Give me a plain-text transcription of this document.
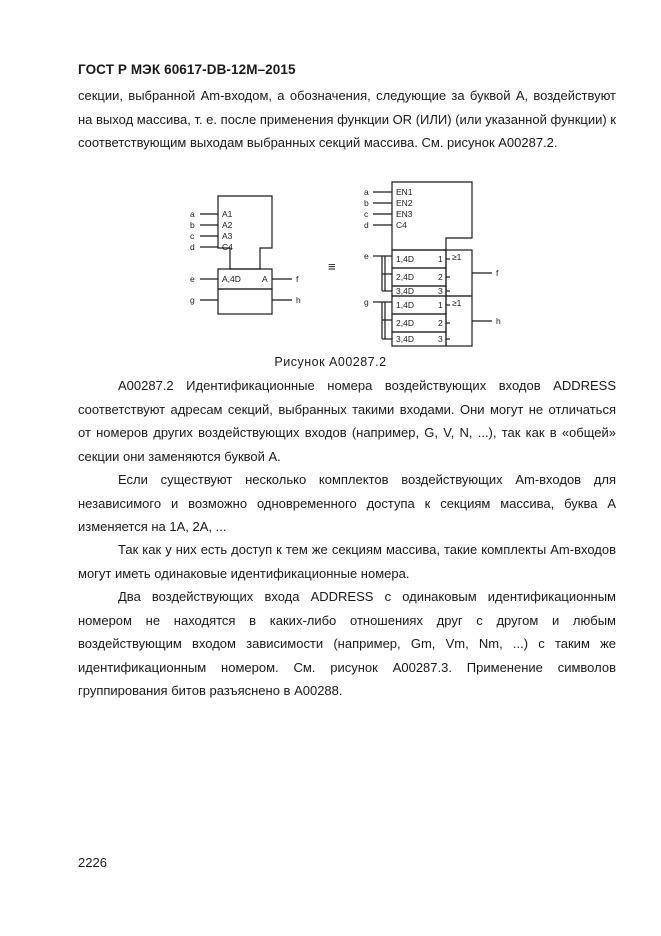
ГОСТ Р МЭК 60617-DB-12M–2015

секции, выбранной Am-входом, а обозначения, следующие за буквой A, воздействуют на выход массива, т. е. после применения функции OR (ИЛИ) (или указанной функции) к соответствующим выходам выбранных секций массива. См. рисунок A00287.2.

a
b
c
d
A1
A2
A3
C4
e
g
A,4D A	f
h
≡
a
b
c
d
EN1
EN2
EN3
C4
e
g
1,4D
2,4D
3,4D
1,4D
2,4D
3,4D
1
2
3
1
2
3
≥1
≥1
f
h
Рисунок A00287.2

A00287.2 Идентификационные номера воздействующих входов ADDRESS соответствуют адресам секций, выбранных такими входами. Они могут не отличаться от номеров других воздействующих входов (например, G, V, N, ...), так как в «общей» секции они заменяются буквой A.

Если существуют несколько комплектов воздействующих Am-входов для независимого и возможно одновременного доступа к секциям массива, буква A изменяется на 1A, 2A, ...

Так как у них есть доступ к тем же секциям массива, такие комплекты Am-входов могут иметь одинаковые идентификационные номера.

Два воздействующих входа ADDRESS c одинаковым идентификационным номером не находятся в каких-либо отношениях друг с другом и любым воздействующим входом зависимости (например, Gm, Vm, Nm, ...) с таким же идентификационным номером. См. рисунок A00287.3. Применение символов группирования битов разъяснено в A00288.

2226
